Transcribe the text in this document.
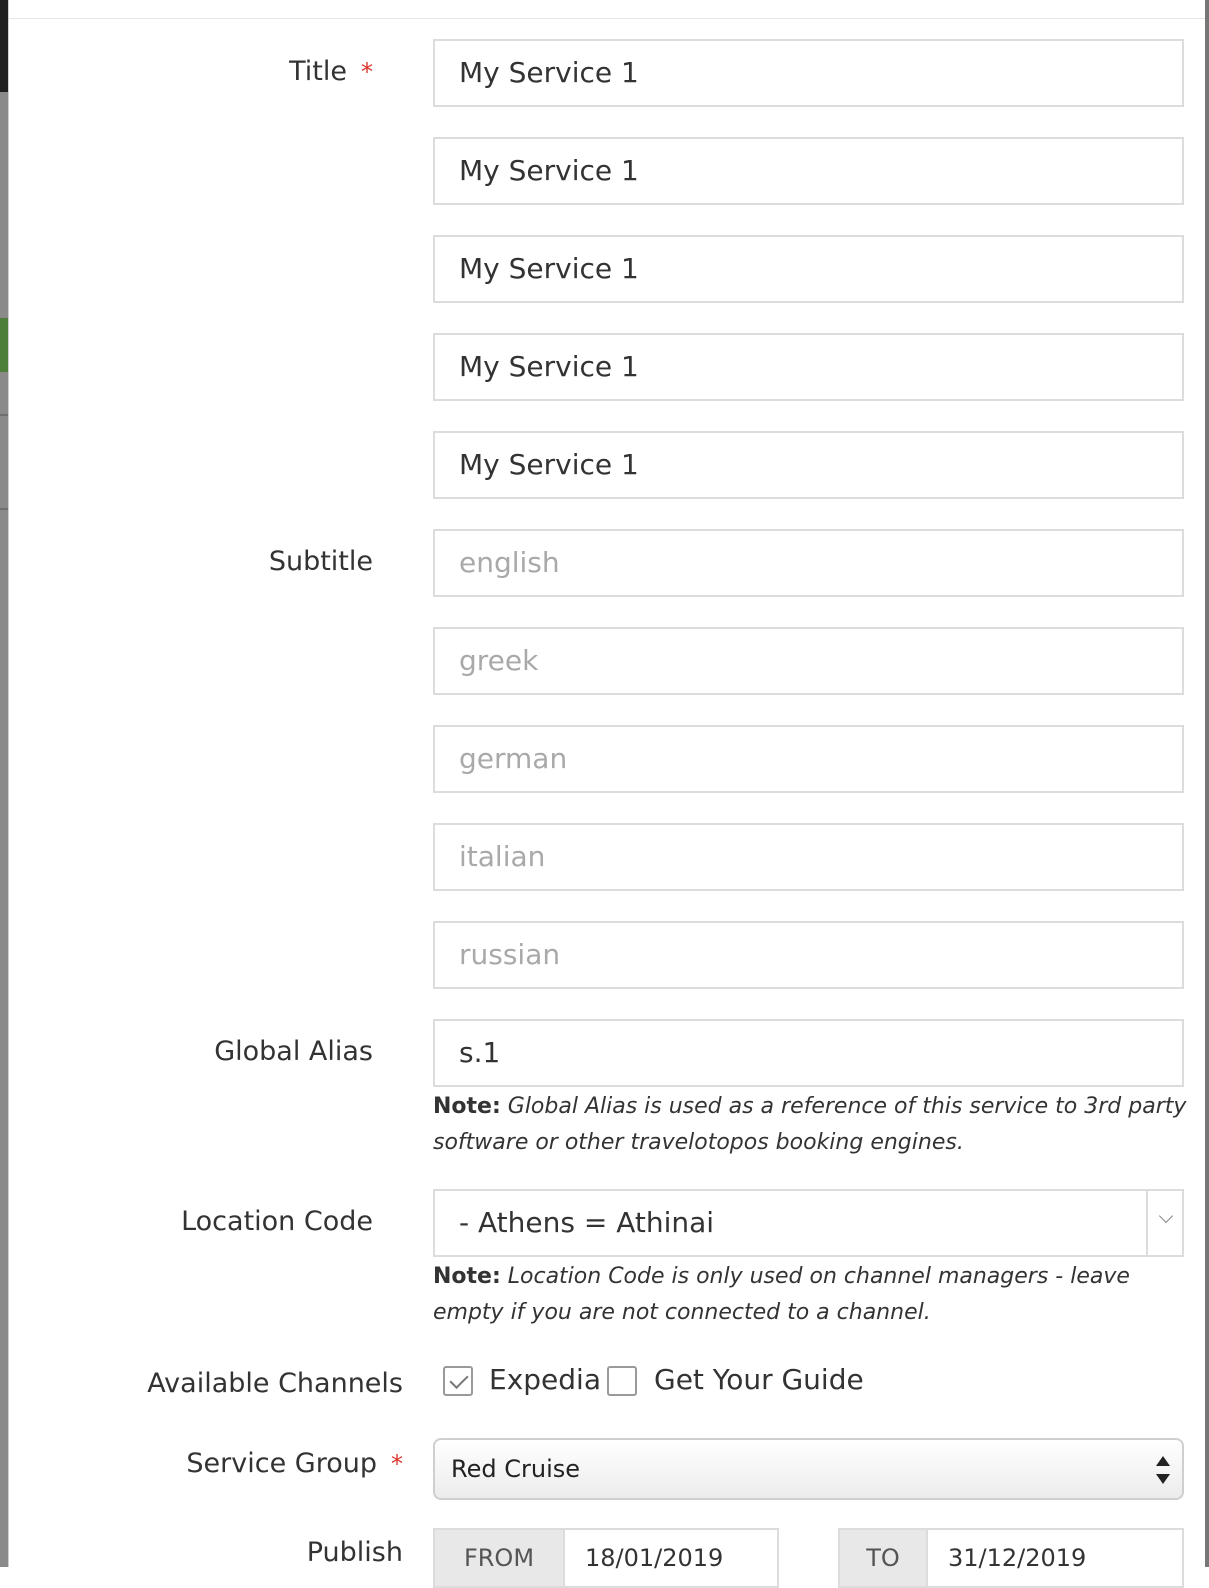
Title *	My Service 1
My Service 1
My Service 1
My Service 1
My Service 1
Subtitle	english
greek
german
italian
russian
Global Alias	s.1
Note: Global Alias is used as a reference of this service to 3rd party software or other travelotopos booking engines.
Location Code	- Athens = Athinai
Note: Location Code is only used on channel managers - leave empty if you are not connected to a channel.
Available Channels	Expedia Get Your Guide
Service Group *	Red Cruise
Publish	FROM	18/01/2019	TO	31/12/2019
